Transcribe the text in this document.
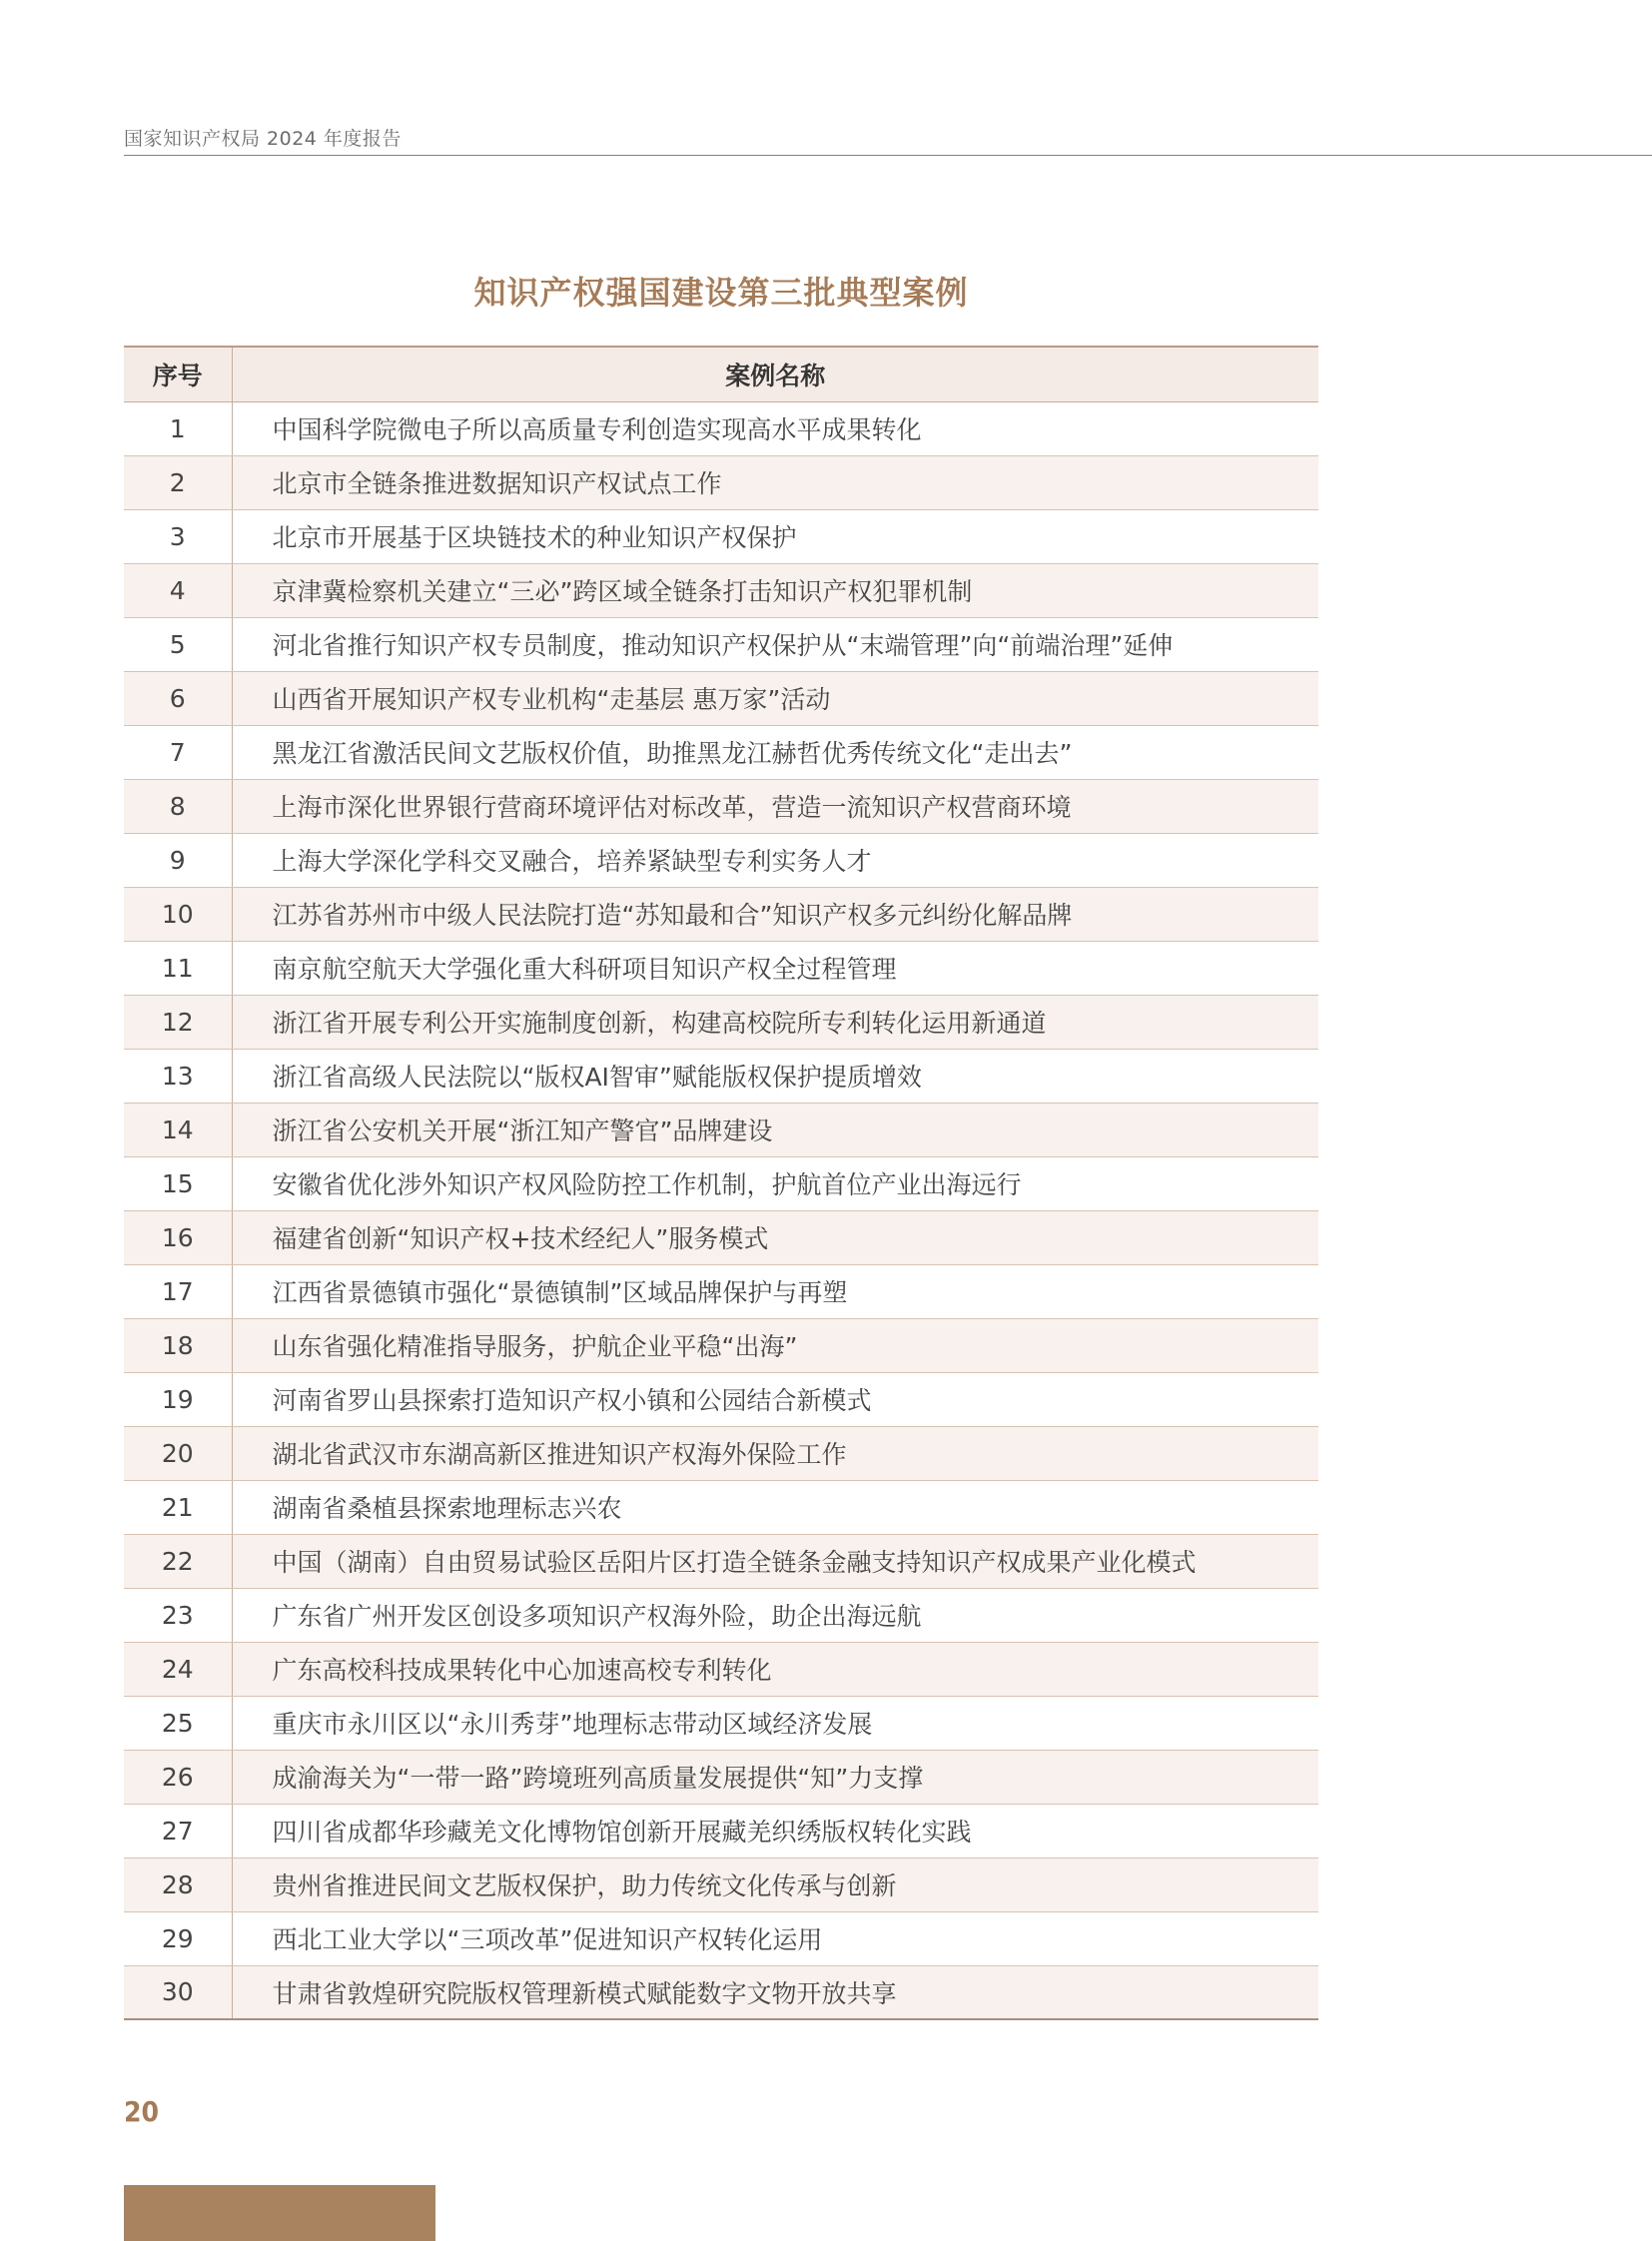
国家知识产权局 2024 年度报告
知识产权强国建设第三批典型案例
序号	案例名称
1	中国科学院微电子所以高质量专利创造实现高水平成果转化
2	北京市全链条推进数据知识产权试点工作
3	北京市开展基于区块链技术的种业知识产权保护
4	京津冀检察机关建立“三必”跨区域全链条打击知识产权犯罪机制
5	河北省推行知识产权专员制度，推动知识产权保护从“末端管理”向“前端治理”延伸
6	山西省开展知识产权专业机构“走基层 惠万家”活动
7	黑龙江省激活民间文艺版权价值，助推黑龙江赫哲优秀传统文化“走出去”
8	上海市深化世界银行营商环境评估对标改革，营造一流知识产权营商环境
9	上海大学深化学科交叉融合，培养紧缺型专利实务人才
10	江苏省苏州市中级人民法院打造“苏知最和合”知识产权多元纠纷化解品牌
11	南京航空航天大学强化重大科研项目知识产权全过程管理
12	浙江省开展专利公开实施制度创新，构建高校院所专利转化运用新通道
13	浙江省高级人民法院以“版权AI智审”赋能版权保护提质增效
14	浙江省公安机关开展“浙江知产警官”品牌建设
15	安徽省优化涉外知识产权风险防控工作机制，护航首位产业出海远行
16	福建省创新“知识产权+技术经纪人”服务模式
17	江西省景德镇市强化“景德镇制”区域品牌保护与再塑
18	山东省强化精准指导服务，护航企业平稳“出海”
19	河南省罗山县探索打造知识产权小镇和公园结合新模式
20	湖北省武汉市东湖高新区推进知识产权海外保险工作
21	湖南省桑植县探索地理标志兴农
22	中国（湖南）自由贸易试验区岳阳片区打造全链条金融支持知识产权成果产业化模式
23	广东省广州开发区创设多项知识产权海外险，助企出海远航
24	广东高校科技成果转化中心加速高校专利转化
25	重庆市永川区以“永川秀芽”地理标志带动区域经济发展
26	成渝海关为“一带一路”跨境班列高质量发展提供“知”力支撑
27	四川省成都华珍藏羌文化博物馆创新开展藏羌织绣版权转化实践
28	贵州省推进民间文艺版权保护，助力传统文化传承与创新
29	西北工业大学以“三项改革”促进知识产权转化运用
30	甘肃省敦煌研究院版权管理新模式赋能数字文物开放共享
20
